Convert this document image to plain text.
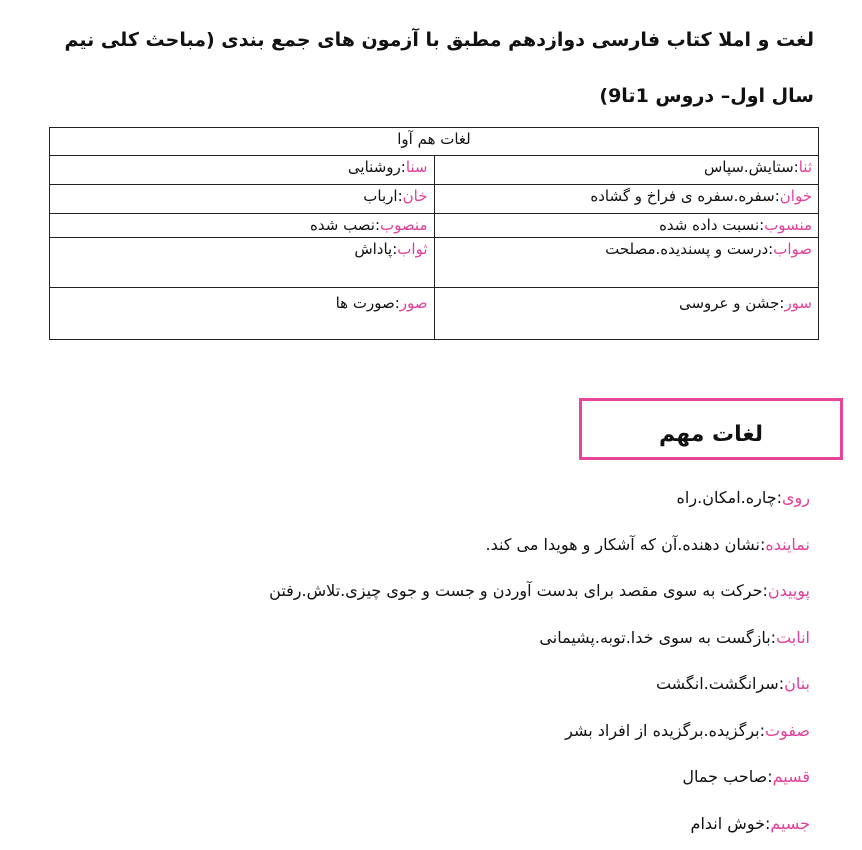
لغت و املا کتاب فارسی دوازدهم مطبق با آزمون های جمع بندی (مباحث کلی نیم سال اول– دروس 1تا9)
لغات هم آوا	
ثنا:ستایش.سپاس	سنا:روشنایی
خوان:سفره.سفره ی فراخ و گشاده	خان:ارباب
منسوب:نسبت داده شده	منصوب:نصب شده
صواب:درست و پسندیده.مصلحت	ثواب:پاداش
سور:جشن و عروسی	صور:صورت ها
لغات مهم
روی:چاره.امکان.راه
نماینده:نشان دهنده.آن که آشکار و هویدا می کند.
پوییدن:حرکت به سوی مقصد برای بدست آوردن و جست و جوی چیزی.تلاش.رفتن
انابت:بازگست به سوی خدا.توبه.پشیمانی
بنان:سرانگشت.انگشت
صفوت:برگزیده.برگزیده از افراد بشر
قسیم:صاحب جمال
جسیم:خوش اندام
